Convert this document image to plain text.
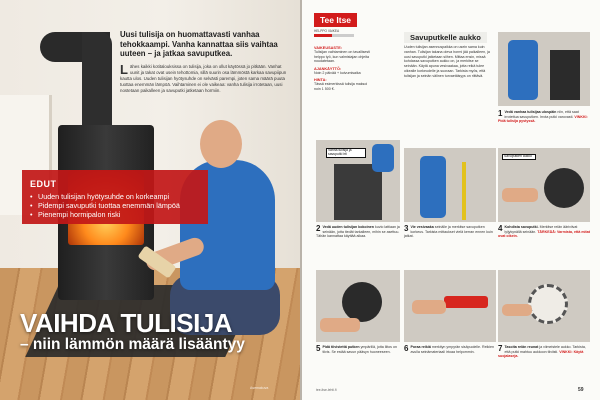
Uusi tulisija on huomattavasti vanhaa tehokkaampi. Vanha kannattaa siis vaihtaa uuteen – ja jatkaa savuputkea.
L ähes kaikki kotitalouksissa on tulisija, joka on ollut käytössä jo pitkään. Vanhat uunit ja takat ovat usein tehottomia, sillä suurin osa lämmöstä karkaa savupiipun kautta ulos. Uuden tulisijan hyötysuhde on selvästi parempi, joten sama määrä puuta tuottaa enemmän lämpöä. Vaihtaminen ei ole vaikeaa: vanha tulisija irrotetaan, uusi nostetaan paikalleen ja savuputki jatketaan hormiin.
EDUT
• Uuden tulisijan hyötysuhde on korkeampi
• Pidempi savuputki tuottaa enemmän lämpöä
• Pienempi hormipalon riski
VAIHDA TULISIJA
– niin lämmön määrä lisääntyy
Asemakuva
Tee Itse
HELPPO VAIKEA
VAIKEUSASTE:
Tulisijan vaihtaminen on tavallisesti helppo työ, kun valmistajan ohjeita noudatetaan.
AJANKÄYTTÖ:
Noin 2 päivää + kuivumisaika
HINTA:
Tässä esimerkissä tulisija maksoi noin 1 500 €.
Savuputkelle aukko
Uuden tulisijan asennuspaikka on usein sama kuin vanhan. Tulisijan takana oleva hormi jää paikalleen, ja uusi savuputki jatketaan siihen. Mittaa ensin, missä kohdassa savuputken aukko on, ja merkitse se seinään. Käytä apuna vesivaakaa, jotta reikä tulee oikealle korkeudelle ja suoraan. Tarkista myös, että tulisijan ja seinän välinen turvaetäisyys on riittävä.
1 Vedä vanhaa tulisijaa ulospäin niin, että saat irrotettua savuputken. Irrota putki varovasti. VINKKI: Pidä tulisija pystyssä.
Vanha tulisija ja savuputki irti
2 Vedä uuden tulisijan kokoinen kuvio lattiaan ja seinään, jotta tiedät tarkalleen, mihin se asettuu. Tähän kannattaa käyttää aikaa.
3 Vie vesivaaka seinälle ja merkitse savuputken korkeus. Tarkista mittaukset vielä kerran ennen kuin jatkat.
Savuputken aukko
4 Kohdista savuputki. Merkitse reiän ääriviivat lyijykynällä seinään. TÄRKEÄÄ: Varmista, että mitat ovat oikein.
5 Pidä tiivistettä putken ympärillä, jotta liitos on tiivis. Se estää savun pääsyn huoneeseen.	6 Poraa reikiä merkityn ympyrän sisäpuolelle. Reikien avulla seinämateriaali irtoaa helpommin.	7 Tasoita reiän reunat ja viimeistele aukko. Tarkista, että putki mahtuu aukkoon tiiviisti. VINKKI: Käytä suojalaseja.
tee-itse-lehti.fi	59
